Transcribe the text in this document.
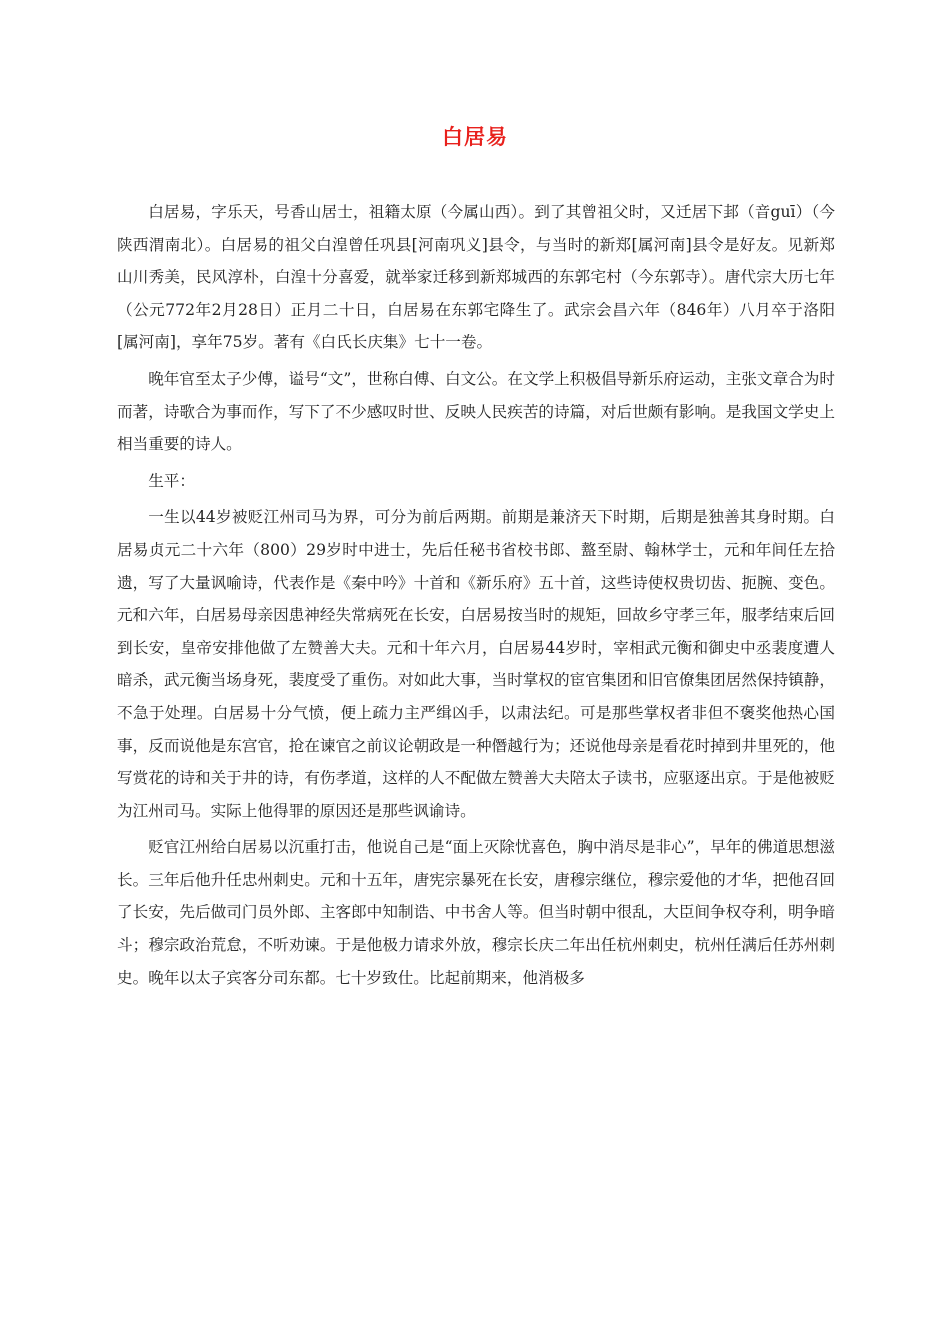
白居易

白居易，字乐天，号香山居士，祖籍太原（今属山西）。到了其曾祖父时，又迁居下邽（音guī）（今陕西渭南北）。白居易的祖父白湟曾任巩县[河南巩义]县令，与当时的新郑[属河南]县令是好友。见新郑山川秀美，民风淳朴，白湟十分喜爱，就举家迁移到新郑城西的东郭宅村（今东郭寺）。唐代宗大历七年（公元772年2月28日）正月二十日，白居易在东郭宅降生了。武宗会昌六年（846年）八月卒于洛阳[属河南]，享年75岁。著有《白氏长庆集》七十一卷。

晚年官至太子少傅，谥号“文”，世称白傅、白文公。在文学上积极倡导新乐府运动，主张文章合为时而著，诗歌合为事而作，写下了不少感叹时世、反映人民疾苦的诗篇，对后世颇有影响。是我国文学史上相当重要的诗人。

生平：

一生以44岁被贬江州司马为界，可分为前后两期。前期是兼济天下时期，后期是独善其身时期。白居易贞元二十六年（800）29岁时中进士，先后任秘书省校书郎、盩至尉、翰林学士，元和年间任左拾遗，写了大量讽喻诗，代表作是《秦中吟》十首和《新乐府》五十首，这些诗使权贵切齿、扼腕、变色。元和六年，白居易母亲因患神经失常病死在长安，白居易按当时的规矩，回故乡守孝三年，服孝结束后回到长安，皇帝安排他做了左赞善大夫。元和十年六月，白居易44岁时，宰相武元衡和御史中丞裴度遭人暗杀，武元衡当场身死，裴度受了重伤。对如此大事，当时掌权的宦官集团和旧官僚集团居然保持镇静，不急于处理。白居易十分气愤，便上疏力主严缉凶手，以肃法纪。可是那些掌权者非但不褒奖他热心国事，反而说他是东宫官，抢在谏官之前议论朝政是一种僭越行为；还说他母亲是看花时掉到井里死的，他写赏花的诗和关于井的诗，有伤孝道，这样的人不配做左赞善大夫陪太子读书，应驱逐出京。于是他被贬为江州司马。实际上他得罪的原因还是那些讽谕诗。

贬官江州给白居易以沉重打击，他说自己是“面上灭除忧喜色，胸中消尽是非心”，早年的佛道思想滋长。三年后他升任忠州刺史。元和十五年，唐宪宗暴死在长安，唐穆宗继位，穆宗爱他的才华，把他召回了长安，先后做司门员外郎、主客郎中知制诰、中书舍人等。但当时朝中很乱，大臣间争权夺利，明争暗斗；穆宗政治荒怠，不听劝谏。于是他极力请求外放，穆宗长庆二年出任杭州刺史，杭州任满后任苏州刺史。晚年以太子宾客分司东都。七十岁致仕。比起前期来，他消极多
